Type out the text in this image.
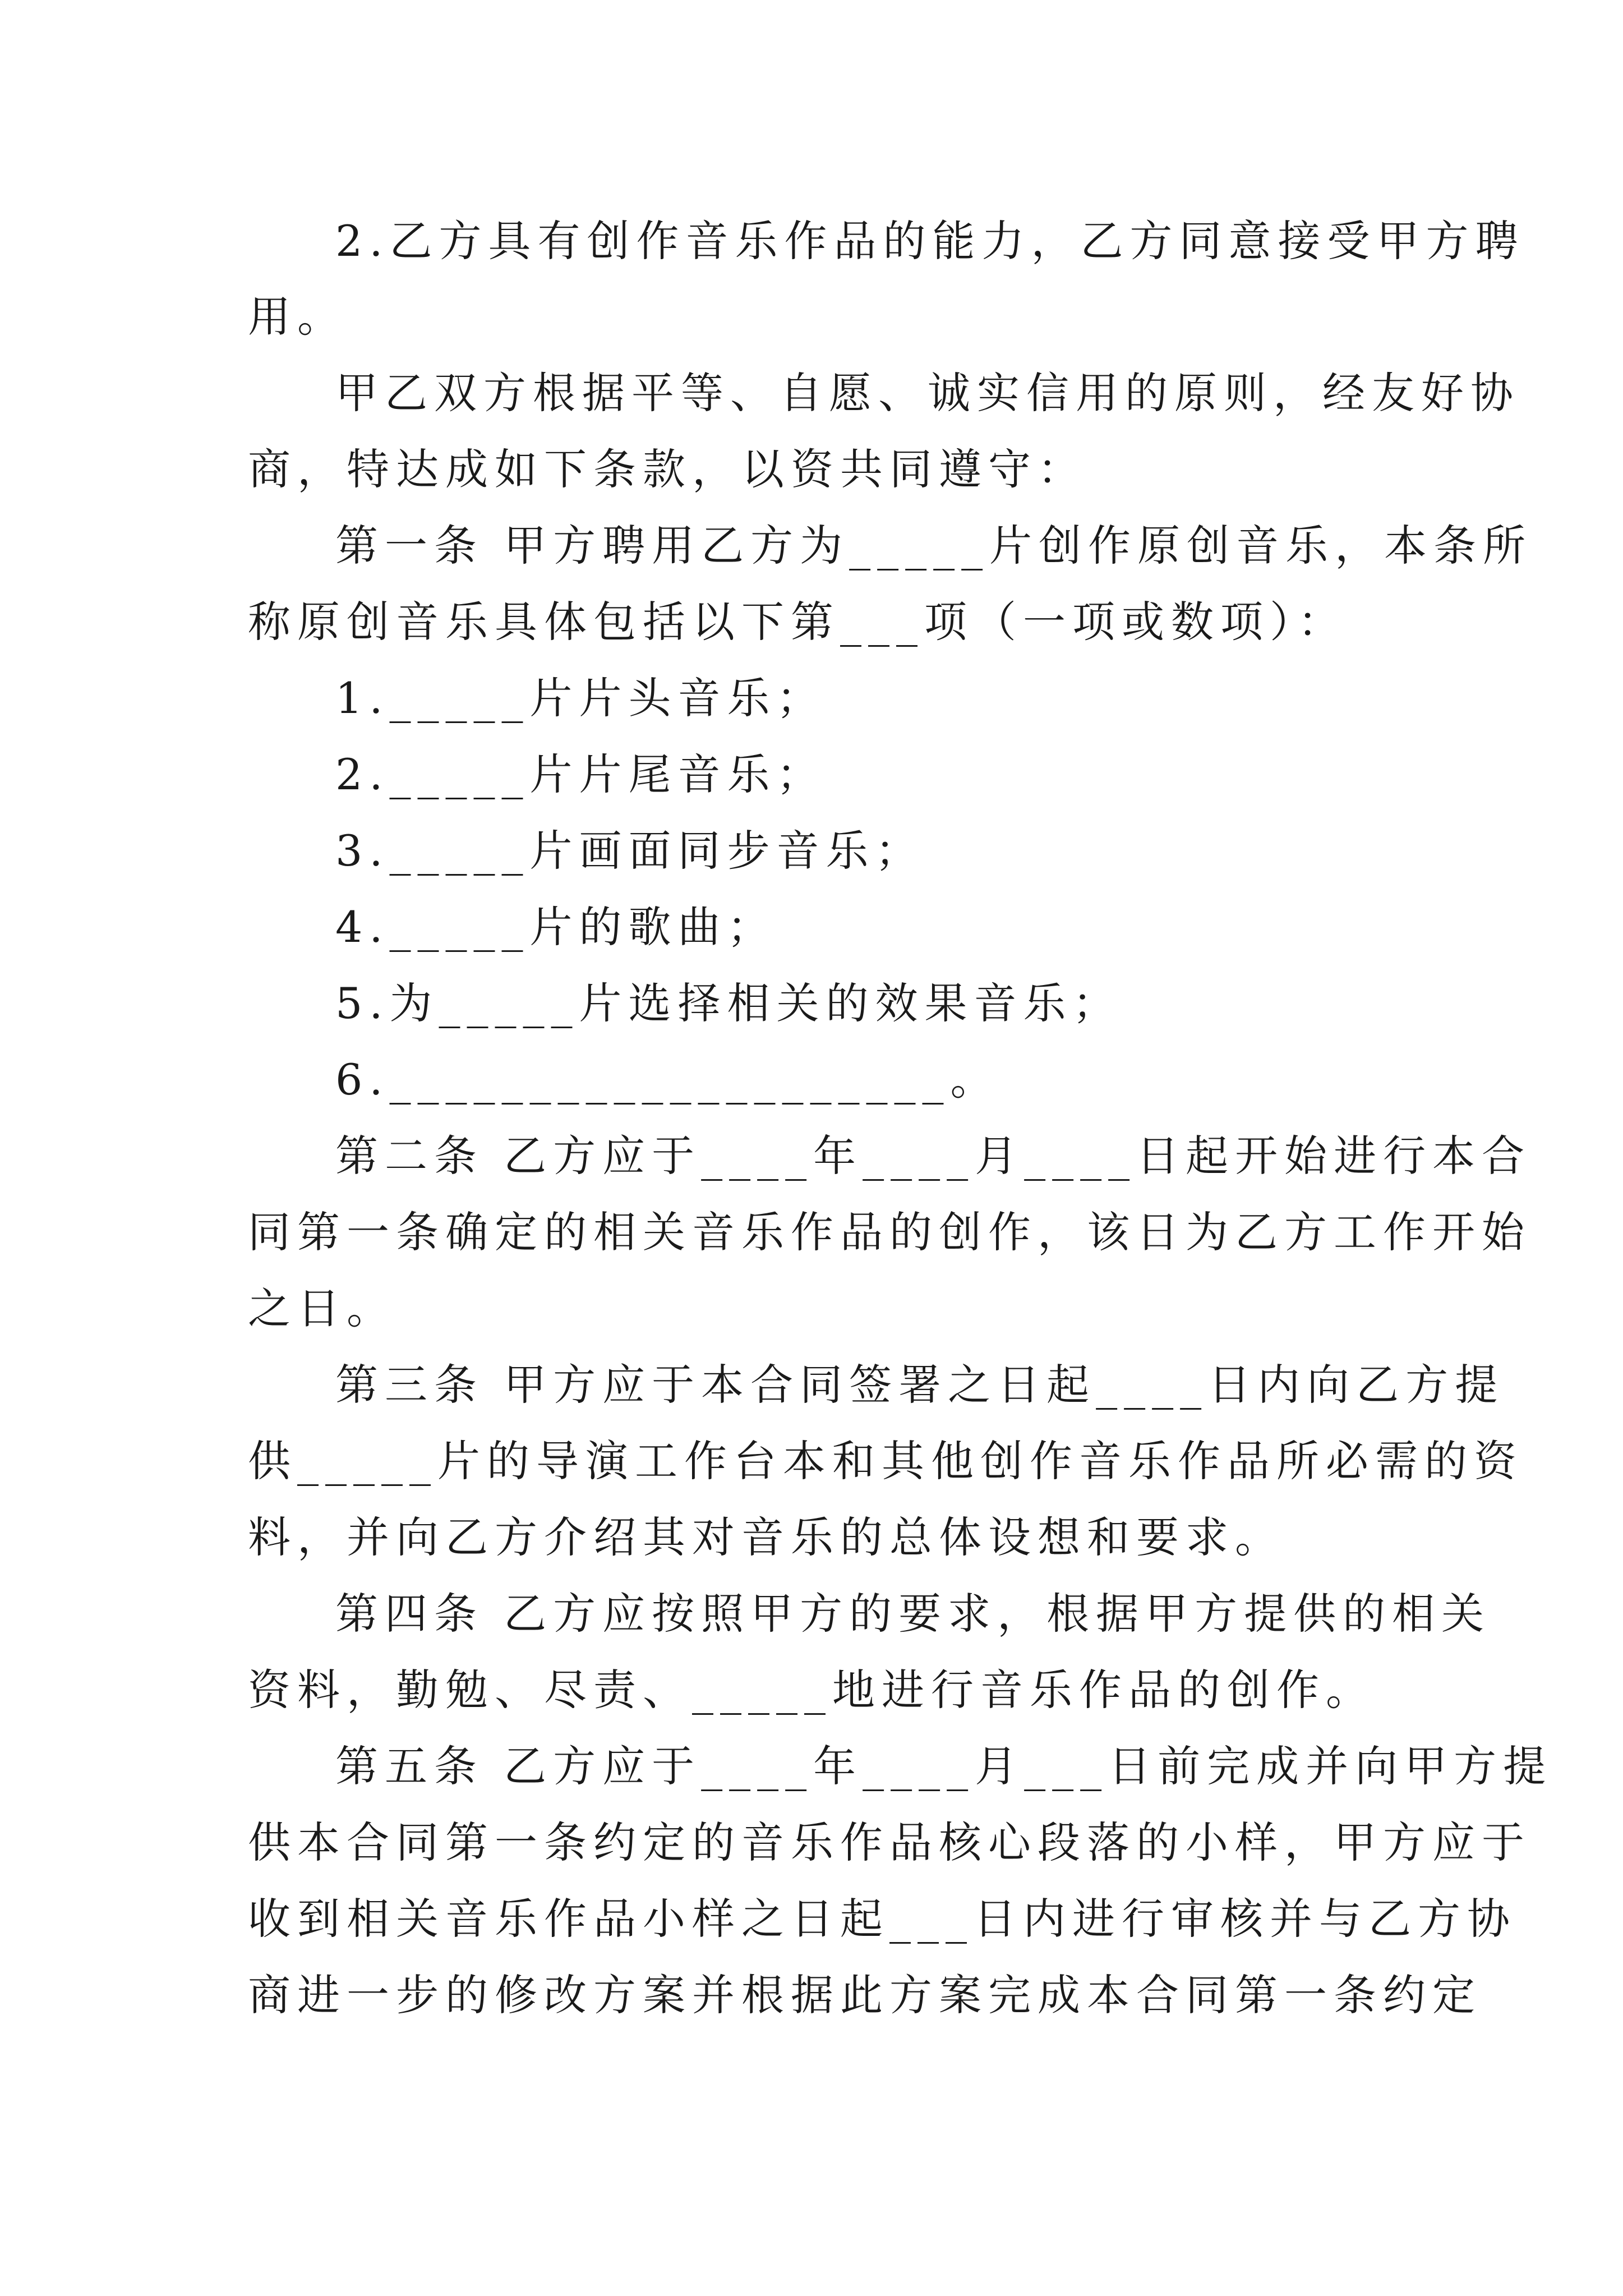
2.乙方具有创作音乐作品的能力，乙方同意接受甲方聘
用。
甲乙双方根据平等、自愿、诚实信用的原则，经友好协
商，特达成如下条款，以资共同遵守：
第一条 甲方聘用乙方为_____片创作原创音乐，本条所
称原创音乐具体包括以下第___项（一项或数项）：
1._____片片头音乐；
2._____片片尾音乐；
3._____片画面同步音乐；
4._____片的歌曲；
5.为_____片选择相关的效果音乐；
6.____________________。
第二条 乙方应于____年____月____日起开始进行本合
同第一条确定的相关音乐作品的创作，该日为乙方工作开始
之日。
第三条 甲方应于本合同签署之日起____日内向乙方提
供_____片的导演工作台本和其他创作音乐作品所必需的资
料，并向乙方介绍其对音乐的总体设想和要求。
第四条 乙方应按照甲方的要求，根据甲方提供的相关
资料，勤勉、尽责、_____地进行音乐作品的创作。
第五条 乙方应于____年____月___日前完成并向甲方提
供本合同第一条约定的音乐作品核心段落的小样，甲方应于
收到相关音乐作品小样之日起___日内进行审核并与乙方协
商进一步的修改方案并根据此方案完成本合同第一条约定
